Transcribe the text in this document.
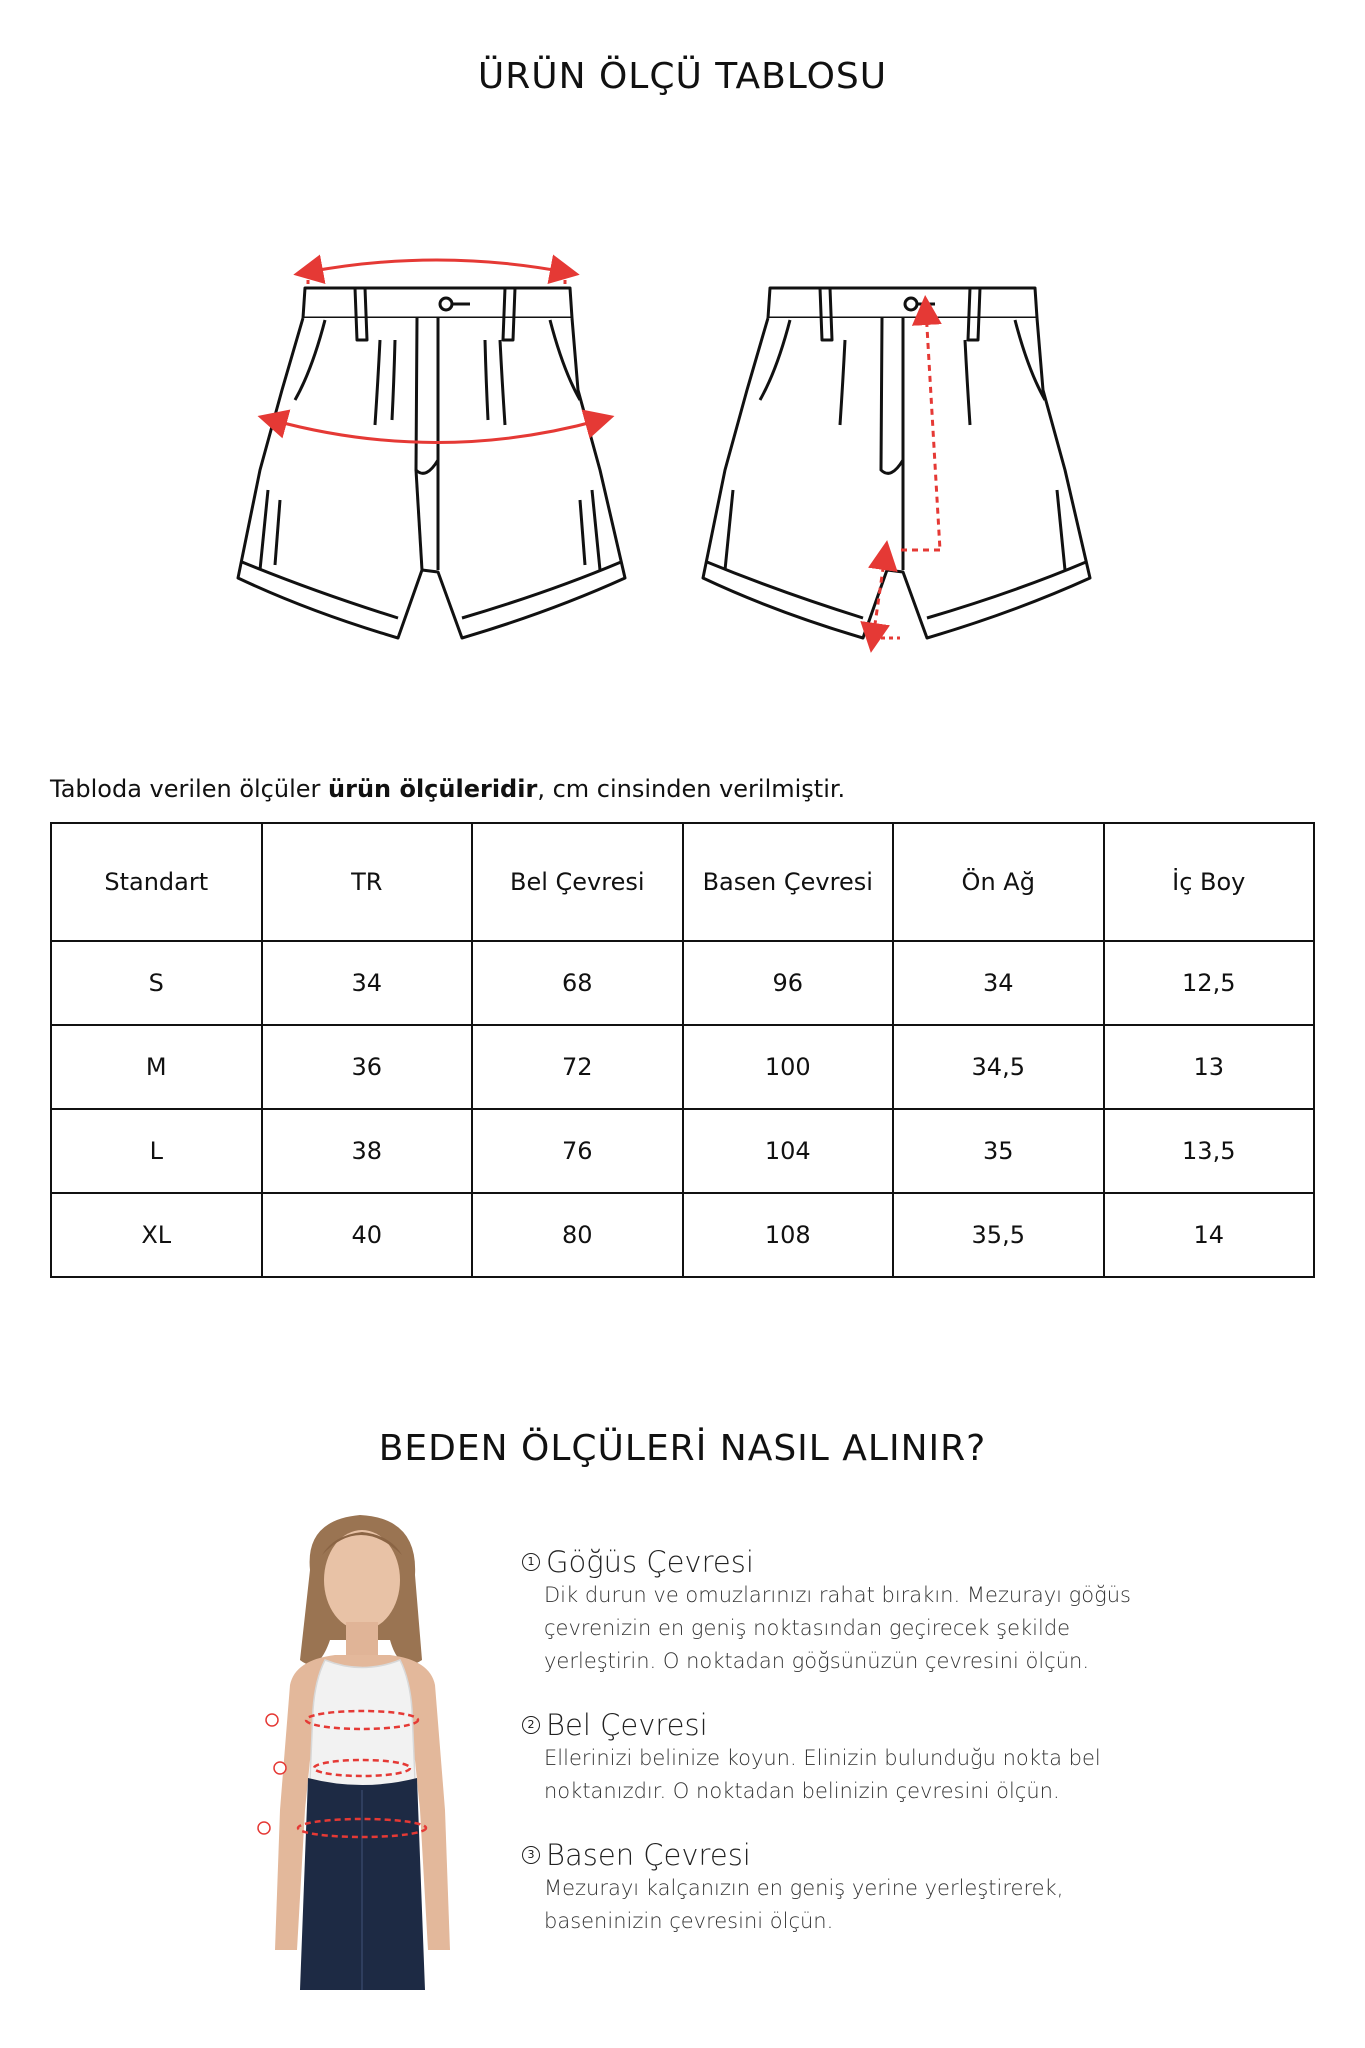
ÜRÜN ÖLÇÜ TABLOSU
Tabloda verilen ölçüler ürün ölçüleridir, cm cinsinden verilmiştir.
Standart	TR	Bel Çevresi	Basen Çevresi	Ön Ağ	İç Boy
S	34	68	96	34	12,5
M	36	72	100	34,5	13
L	38	76	104	35	13,5
XL	40	80	108	35,5	14
BEDEN ÖLÇÜLERİ NASIL ALINIR?
1 Göğüs Çevresi
Dik durun ve omuzlarınızı rahat bırakın. Mezurayı göğüs çevrenizin en geniş noktasından geçirecek şekilde yerleştirin. O noktadan göğsünüzün çevresini ölçün.
2 Bel Çevresi
Ellerinizi belinize koyun. Elinizin bulunduğu nokta bel noktanızdır. O noktadan belinizin çevresini ölçün.
3 Basen Çevresi
Mezurayı kalçanızın en geniş yerine yerleştirerek, baseninizin çevresini ölçün.
